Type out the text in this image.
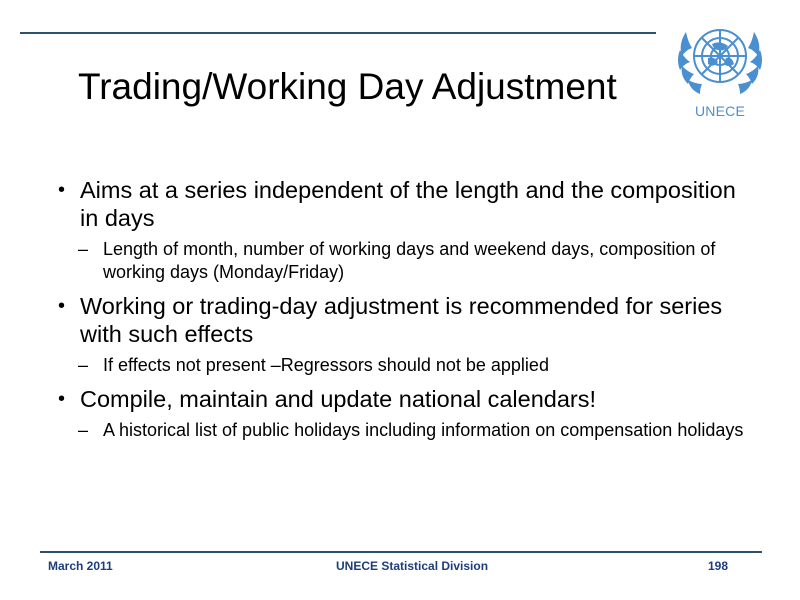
Trading/Working Day Adjustment
UNECE
• Aims at a series independent of the length and the composition in days
– Length of month, number of working days and weekend days, composition of working days (Monday/Friday)
• Working or trading-day adjustment is recommended for series with such effects
– If effects not present –Regressors should not be applied
• Compile, maintain and update national calendars!
– A historical list of public holidays including information on compensation holidays
March 2011	UNECE Statistical Division	198
